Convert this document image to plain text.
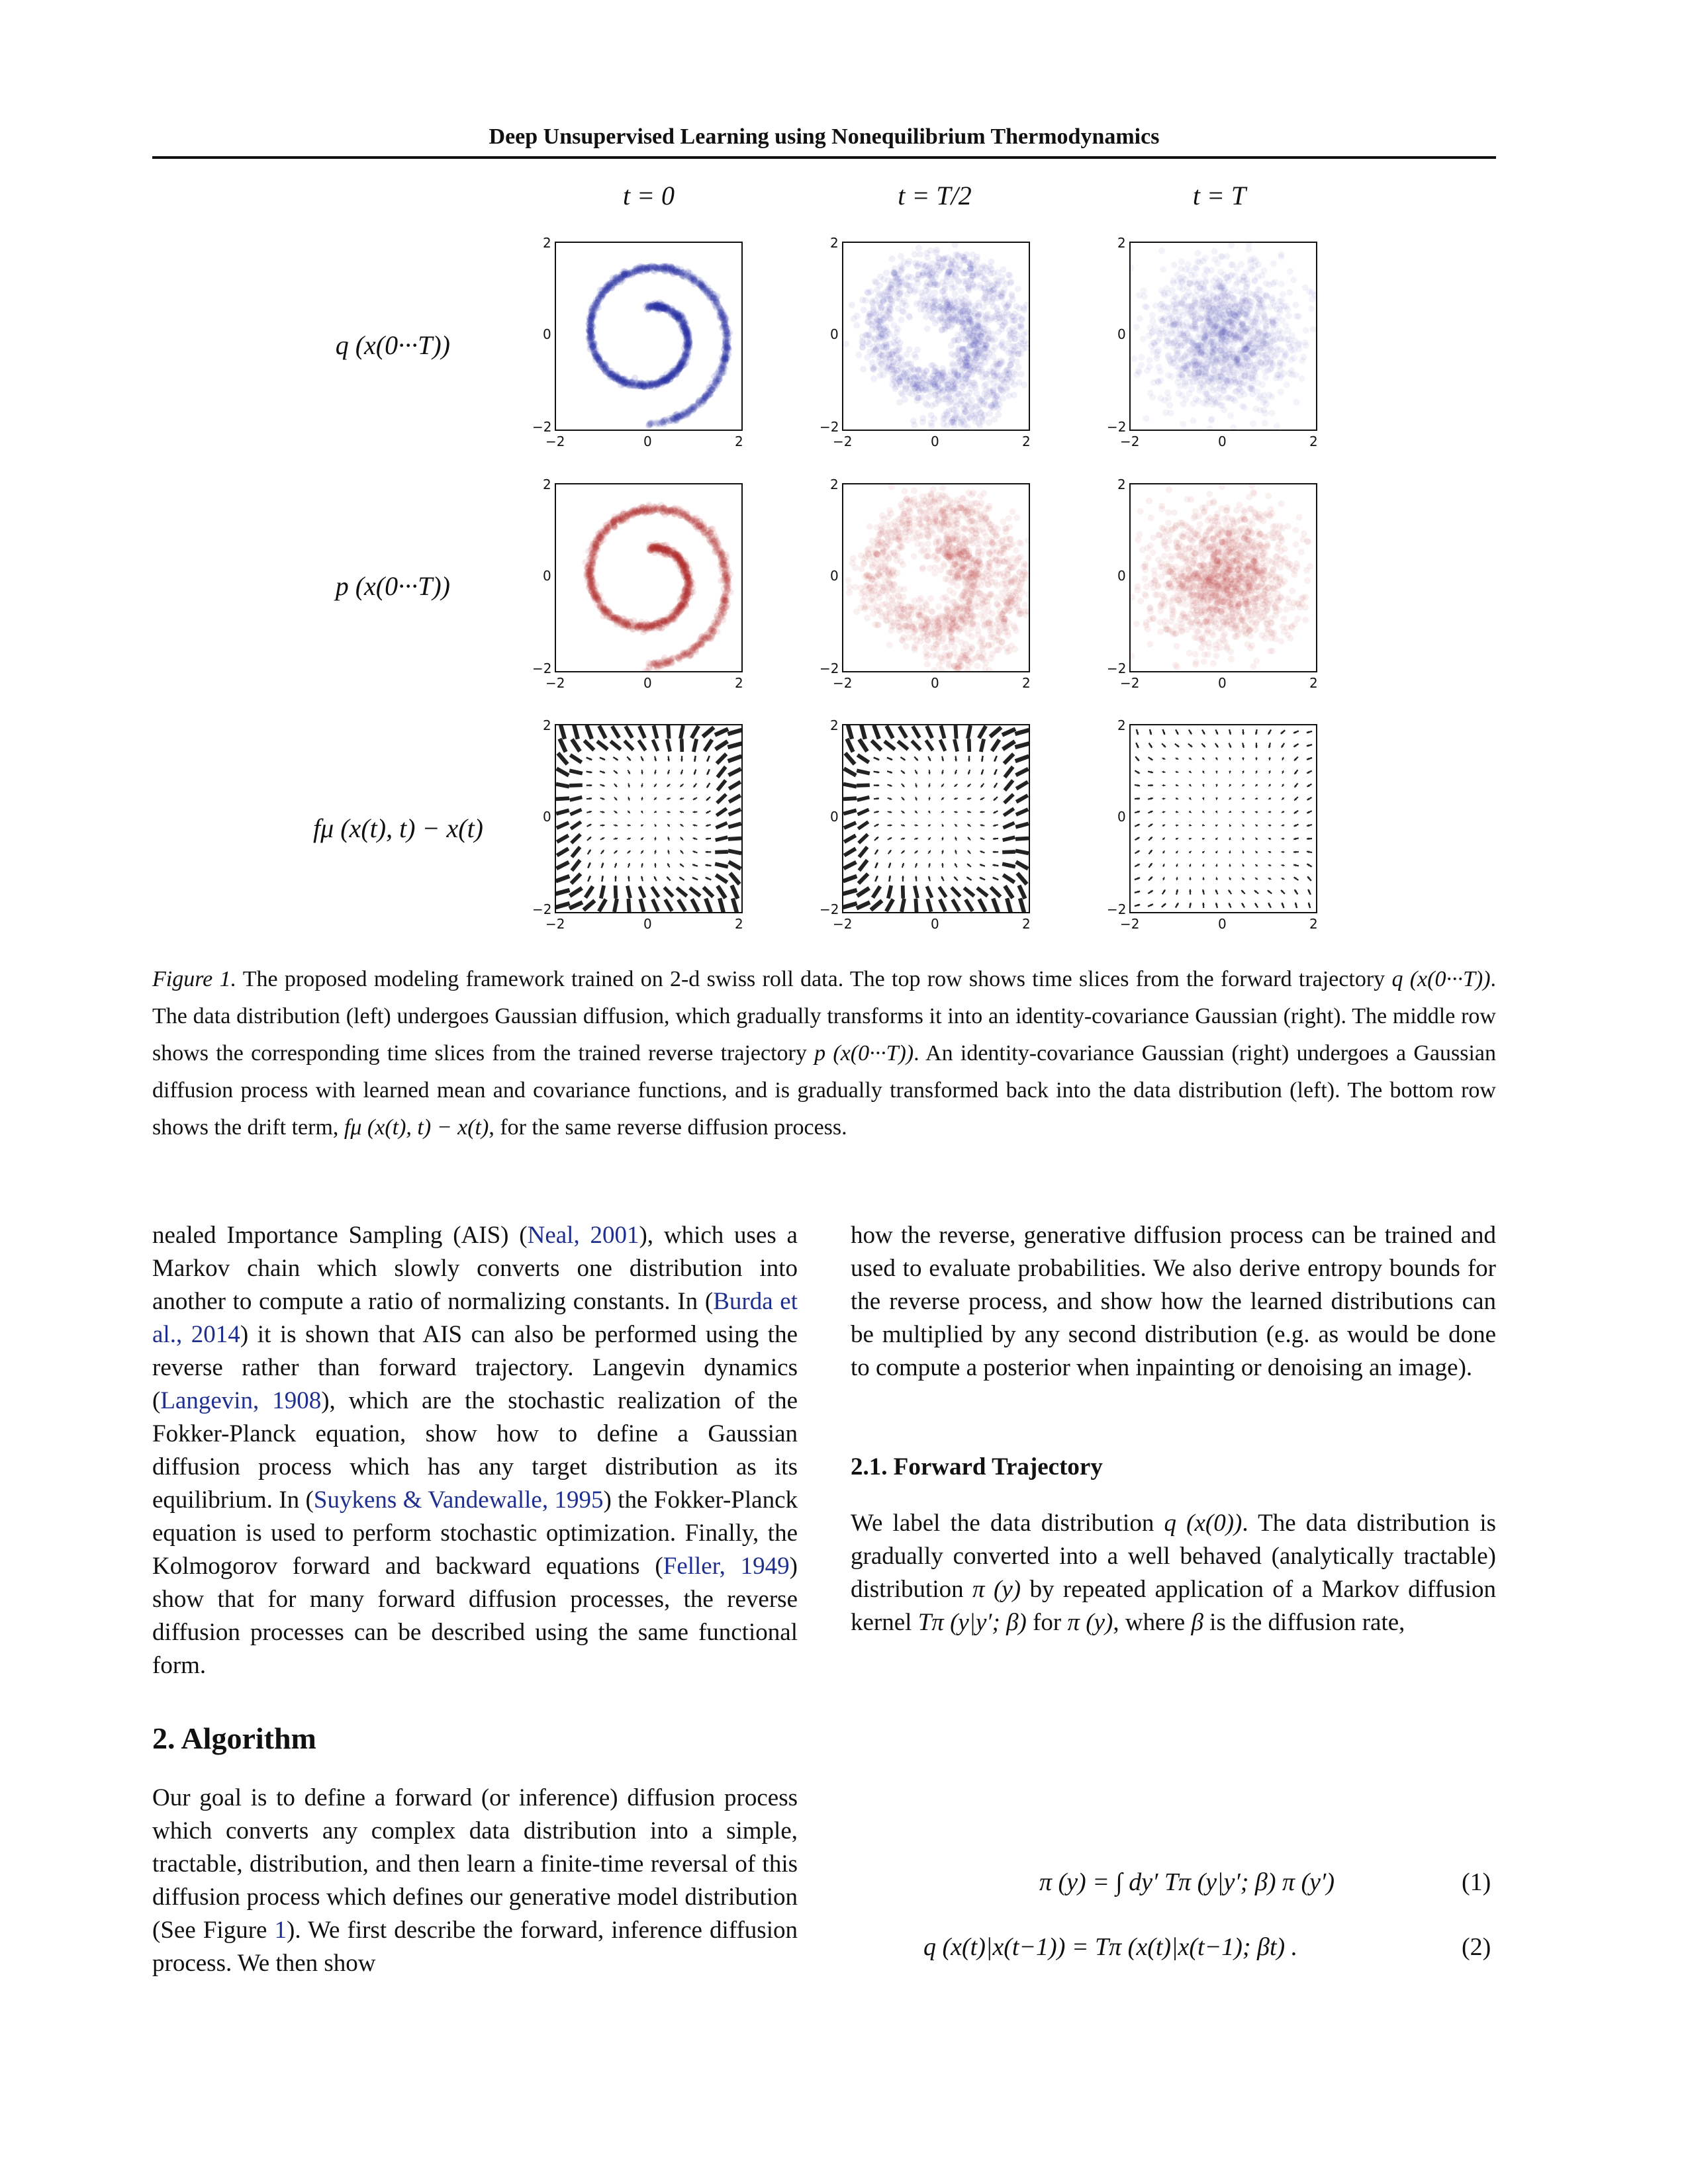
Deep Unsupervised Learning using Nonequilibrium Thermodynamics
t = 0	t = T/2	t = T
q (x(0···T))
p (x(0···T))
fμ (x(t), t) − x(t)
2
0
−2
−2	0	2
2
0
−2
−2	0	2
2
0
−2
−2	0	2
2
0
−2
−2	0	2
2
0
−2
−2	0	2
2
0
−2
−2	0	2
2
0
−2
−2	0	2
2
0
−2
−2	0	2
2
0
−2
−2	0	2
Figure 1. The proposed modeling framework trained on 2-d swiss roll data. The top row shows time slices from the forward trajectory q (x(0···T)). The data distribution (left) undergoes Gaussian diffusion, which gradually transforms it into an identity-covariance Gaussian (right). The middle row shows the corresponding time slices from the trained reverse trajectory p (x(0···T)). An identity-covariance Gaussian (right) undergoes a Gaussian diffusion process with learned mean and covariance functions, and is gradually transformed back into the data distribution (left). The bottom row shows the drift term, fμ (x(t), t) − x(t), for the same reverse diffusion process.

nealed Importance Sampling (AIS) (Neal, 2001), which uses a Markov chain which slowly converts one distribution into another to compute a ratio of normalizing constants. In (Burda et al., 2014) it is shown that AIS can also be performed using the reverse rather than forward trajectory. Langevin dynamics (Langevin, 1908), which are the stochastic realization of the Fokker-Planck equation, show how to define a Gaussian diffusion process which has any target distribution as its equilibrium. In (Suykens & Vandewalle, 1995) the Fokker-Planck equation is used to perform stochastic optimization. Finally, the Kolmogorov forward and backward equations (Feller, 1949) show that for many forward diffusion processes, the reverse diffusion processes can be described using the same functional form.

2. Algorithm

Our goal is to define a forward (or inference) diffusion process which converts any complex data distribution into a simple, tractable, distribution, and then learn a finite-time reversal of this diffusion process which defines our generative model distribution (See Figure 1). We first describe the forward, inference diffusion process. We then show

how the reverse, generative diffusion process can be trained and used to evaluate probabilities. We also derive entropy bounds for the reverse process, and show how the learned distributions can be multiplied by any second distribution (e.g. as would be done to compute a posterior when inpainting or denoising an image).

2.1. Forward Trajectory

We label the data distribution q (x(0)). The data distribution is gradually converted into a well behaved (analytically tractable) distribution π (y) by repeated application of a Markov diffusion kernel Tπ (y|y′; β) for π (y), where β is the diffusion rate,

π (y) = ∫ dy′ Tπ (y|y′; β) π (y′)	(1)
q (x(t)|x(t−1)) = Tπ (x(t)|x(t−1); βt) .	(2)
